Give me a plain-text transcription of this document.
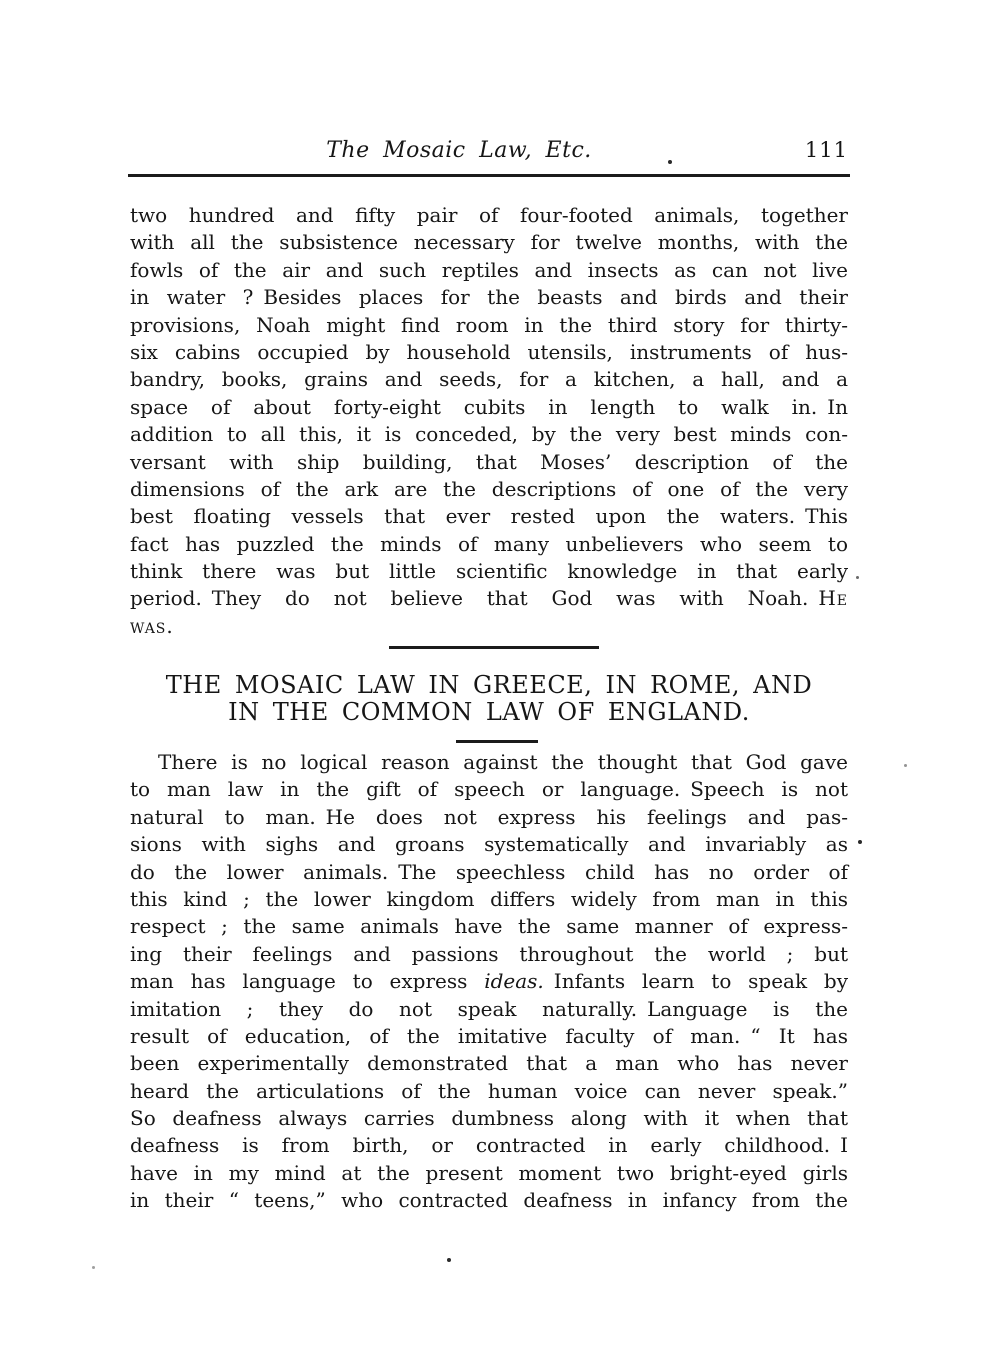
The Mosaic Law, Etc.	111
two hundred and fifty pair of four-footed animals, together
with all the subsistence necessary for twelve months, with the
fowls of the air and such reptiles and insects as can not live
in water ? Besides places for the beasts and birds and their
provisions, Noah might find room in the third story for thirty-
six cabins occupied by household utensils, instruments of hus-
bandry, books, grains and seeds, for a kitchen, a hall, and a
space of about forty-eight cubits in length to walk in. In
addition to all this, it is conceded, by the very best minds con-
versant with ship building, that Moses’ description of the
dimensions of the ark are the descriptions of one of the very
best floating vessels that ever rested upon the waters. This
fact has puzzled the minds of many unbelievers who seem to
think there was but little scientific knowledge in that early
period. They do not believe that God was with Noah. He
was.
THE MOSAIC LAW IN GREECE, IN ROME, AND
IN THE COMMON LAW OF ENGLAND.
There is no logical reason against the thought that God gave
to man law in the gift of speech or language. Speech is not
natural to man. He does not express his feelings and pas-
sions with sighs and groans systematically and invariably as
do the lower animals. The speechless child has no order of
this kind ; the lower kingdom differs widely from man in this
respect ; the same animals have the same manner of express-
ing their feelings and passions throughout the world ; but
man has language to express ideas. Infants learn to speak by
imitation ; they do not speak naturally. Language is the
result of education, of the imitative faculty of man. “ It has
been experimentally demonstrated that a man who has never
heard the articulations of the human voice can never speak.”
So deafness always carries dumbness along with it when that
deafness is from birth, or contracted in early childhood. I
have in my mind at the present moment two bright-eyed girls
in their “ teens,” who contracted deafness in infancy from the
